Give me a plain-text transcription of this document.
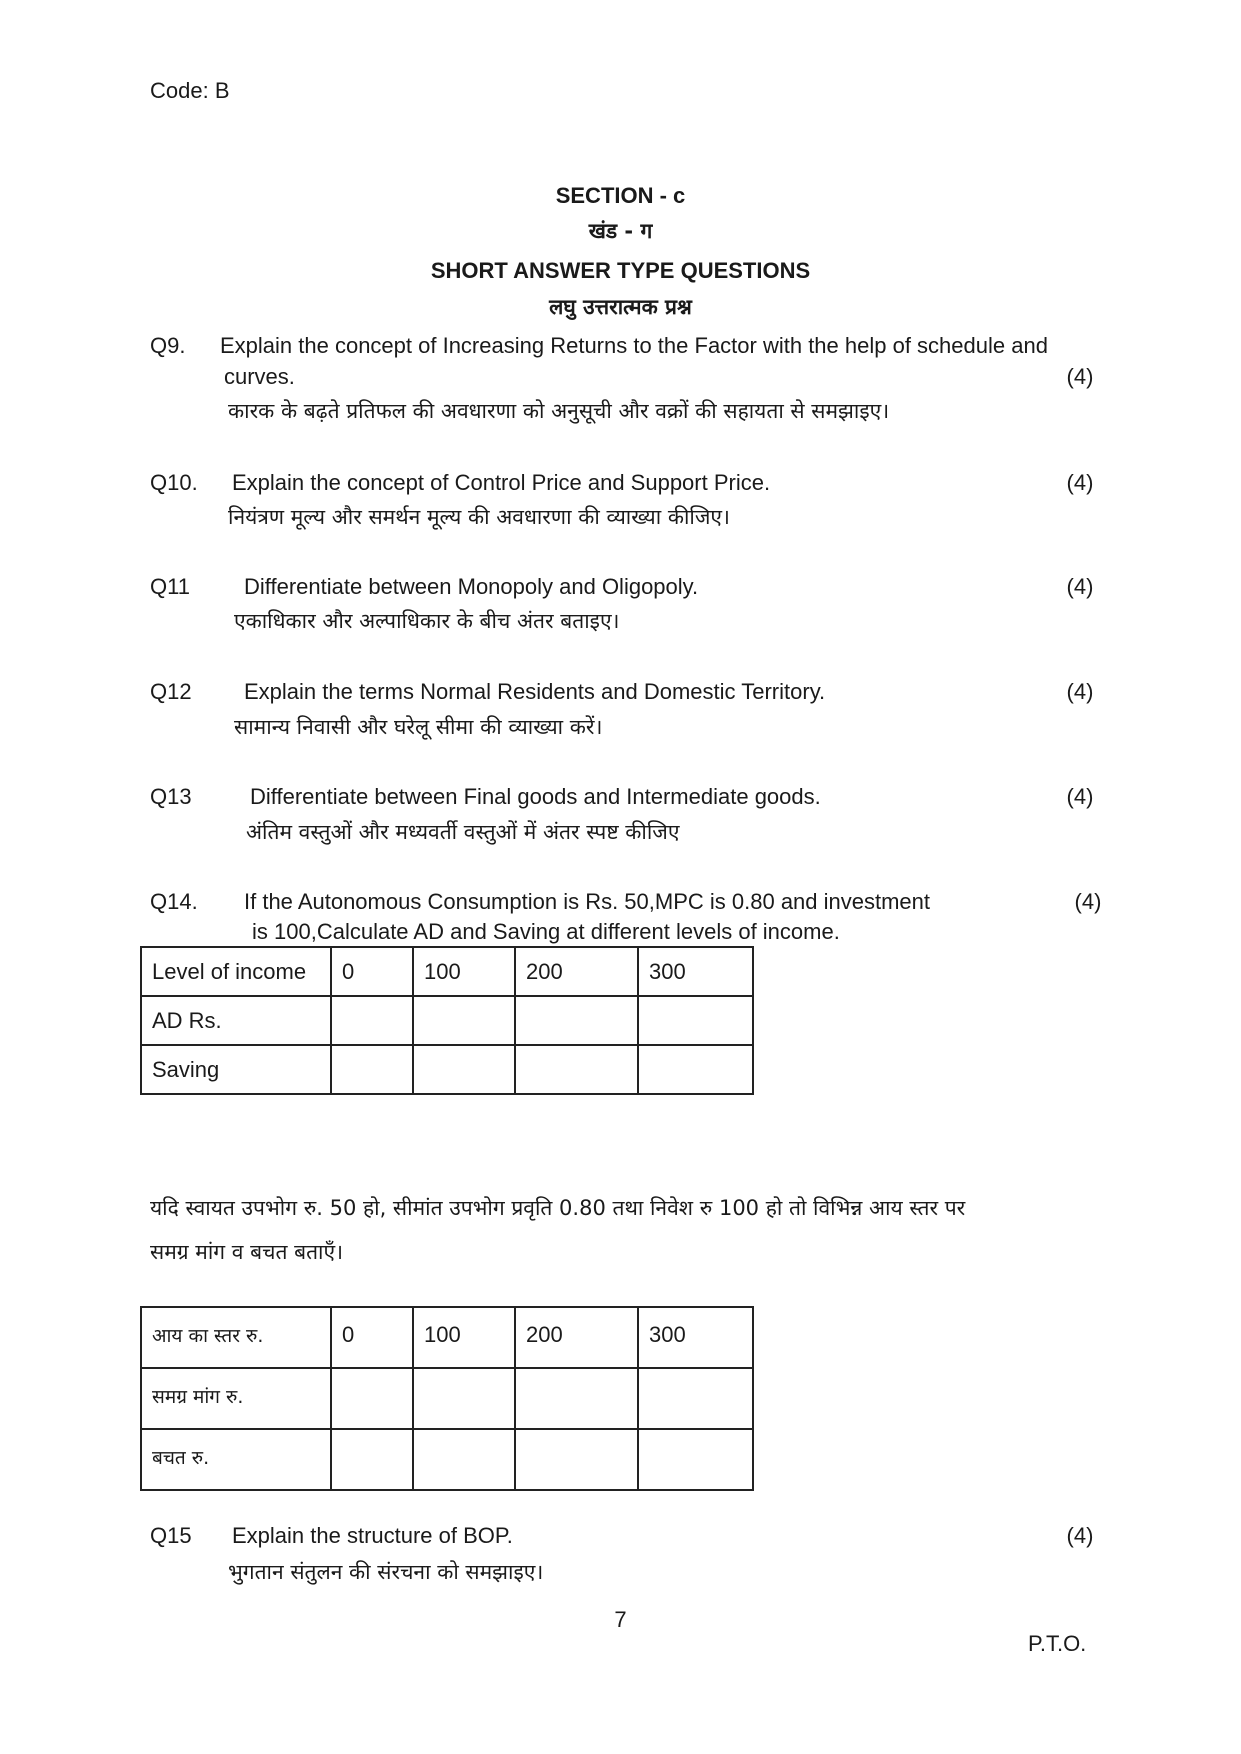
Code: B
SECTION - c
खंड - ग
SHORT ANSWER TYPE QUESTIONS
लघु उत्तरात्मक प्रश्न
Q9. Explain the concept of Increasing Returns to the Factor with the help of schedule and
curves.	(4)
कारक के बढ़ते प्रतिफल की अवधारणा को अनुसूची और वक्रों की सहायता से समझाइए।
Q10. Explain the concept of Control Price and Support Price.	(4)
नियंत्रण मूल्य और समर्थन मूल्य की अवधारणा की व्याख्या कीजिए।
Q11 Differentiate between Monopoly and Oligopoly.	(4)
एकाधिकार और अल्पाधिकार के बीच अंतर बताइए।
Q12 Explain the terms Normal Residents and Domestic Territory.	(4)
सामान्य निवासी और घरेलू सीमा की व्याख्या करें।
Q13	Differentiate between Final goods and Intermediate goods.	(4)
अंतिम वस्तुओं और मध्यवर्ती वस्तुओं में अंतर स्पष्ट कीजिए
Q14. If the Autonomous Consumption is Rs. 50,MPC is 0.80 and investment	(4)
is 100,Calculate AD and Saving at different levels of income.
Level of income	0	100	200	300
AD Rs.				
Saving				
यदि स्वायत उपभोग रु. 50 हो, सीमांत उपभोग प्रवृति 0.80 तथा निवेश रु 100 हो तो विभिन्न आय स्तर पर
समग्र मांग व बचत बताएँ।
आय का स्तर रु.	0	100	200	300
समग्र मांग रु.				
बचत रु.				
Q15 Explain the structure of BOP.	(4)
भुगतान संतुलन की संरचना को समझाइए।
7
P.T.O.
